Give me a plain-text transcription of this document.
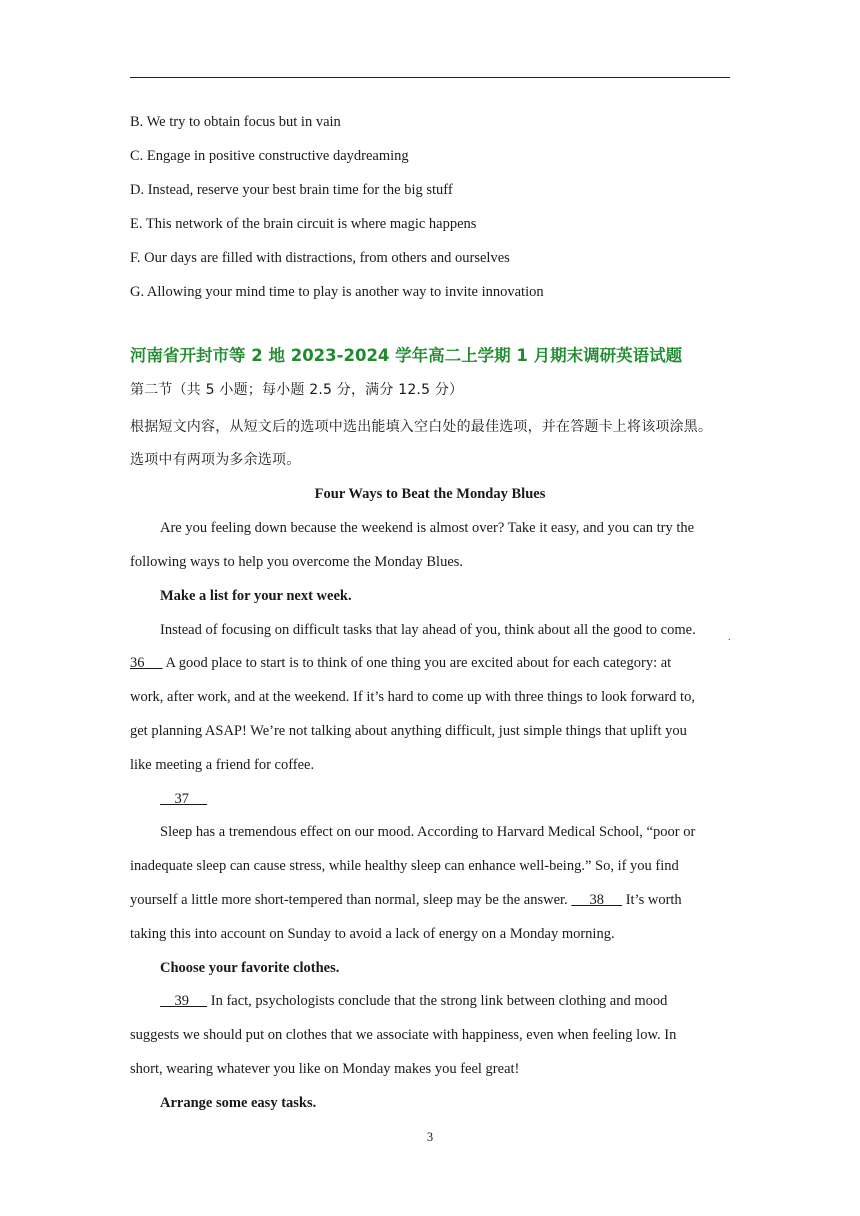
B. We try to obtain focus but in vain
C. Engage in positive constructive daydreaming
D. Instead, reserve your best brain time for the big stuff
E. This network of the brain circuit is where magic happens
F. Our days are filled with distractions, from others and ourselves
G. Allowing your mind time to play is another way to invite innovation
河南省开封市等 2 地 2023-2024 学年高二上学期 1 月期末调研英语试题
第二节（共 5 小题；每小题 2.5 分，满分 12.5 分）
根据短文内容，从短文后的选项中选出能填入空白处的最佳选项，并在答题卡上将该项涂黑。
选项中有两项为多余选项。
Four Ways to Beat the Monday Blues
Are you feeling down because the weekend is almost over? Take it easy, and you can try the
following ways to help you overcome the Monday Blues.
Make a list for your next week.
Instead of focusing on difficult tasks that lay ahead of you, think about all the good to come.	.
36 A good place to start is to think of one thing you are excited about for each category: at
work, after work, and at the weekend. If it’s hard to come up with three things to look forward to,
get planning ASAP! We’re not talking about anything difficult, just simple things that uplift you
like meeting a friend for coffee.
37
Sleep has a tremendous effect on our mood. According to Harvard Medical School, “poor or
inadequate sleep can cause stress, while healthy sleep can enhance well-being.” So, if you find
yourself a little more short-tempered than normal, sleep may be the answer. 38 It’s worth
taking this into account on Sunday to avoid a lack of energy on a Monday morning.
Choose your favorite clothes.
39 In fact, psychologists conclude that the strong link between clothing and mood
suggests we should put on clothes that we associate with happiness, even when feeling low. In
short, wearing whatever you like on Monday makes you feel great!
Arrange some easy tasks.
3
